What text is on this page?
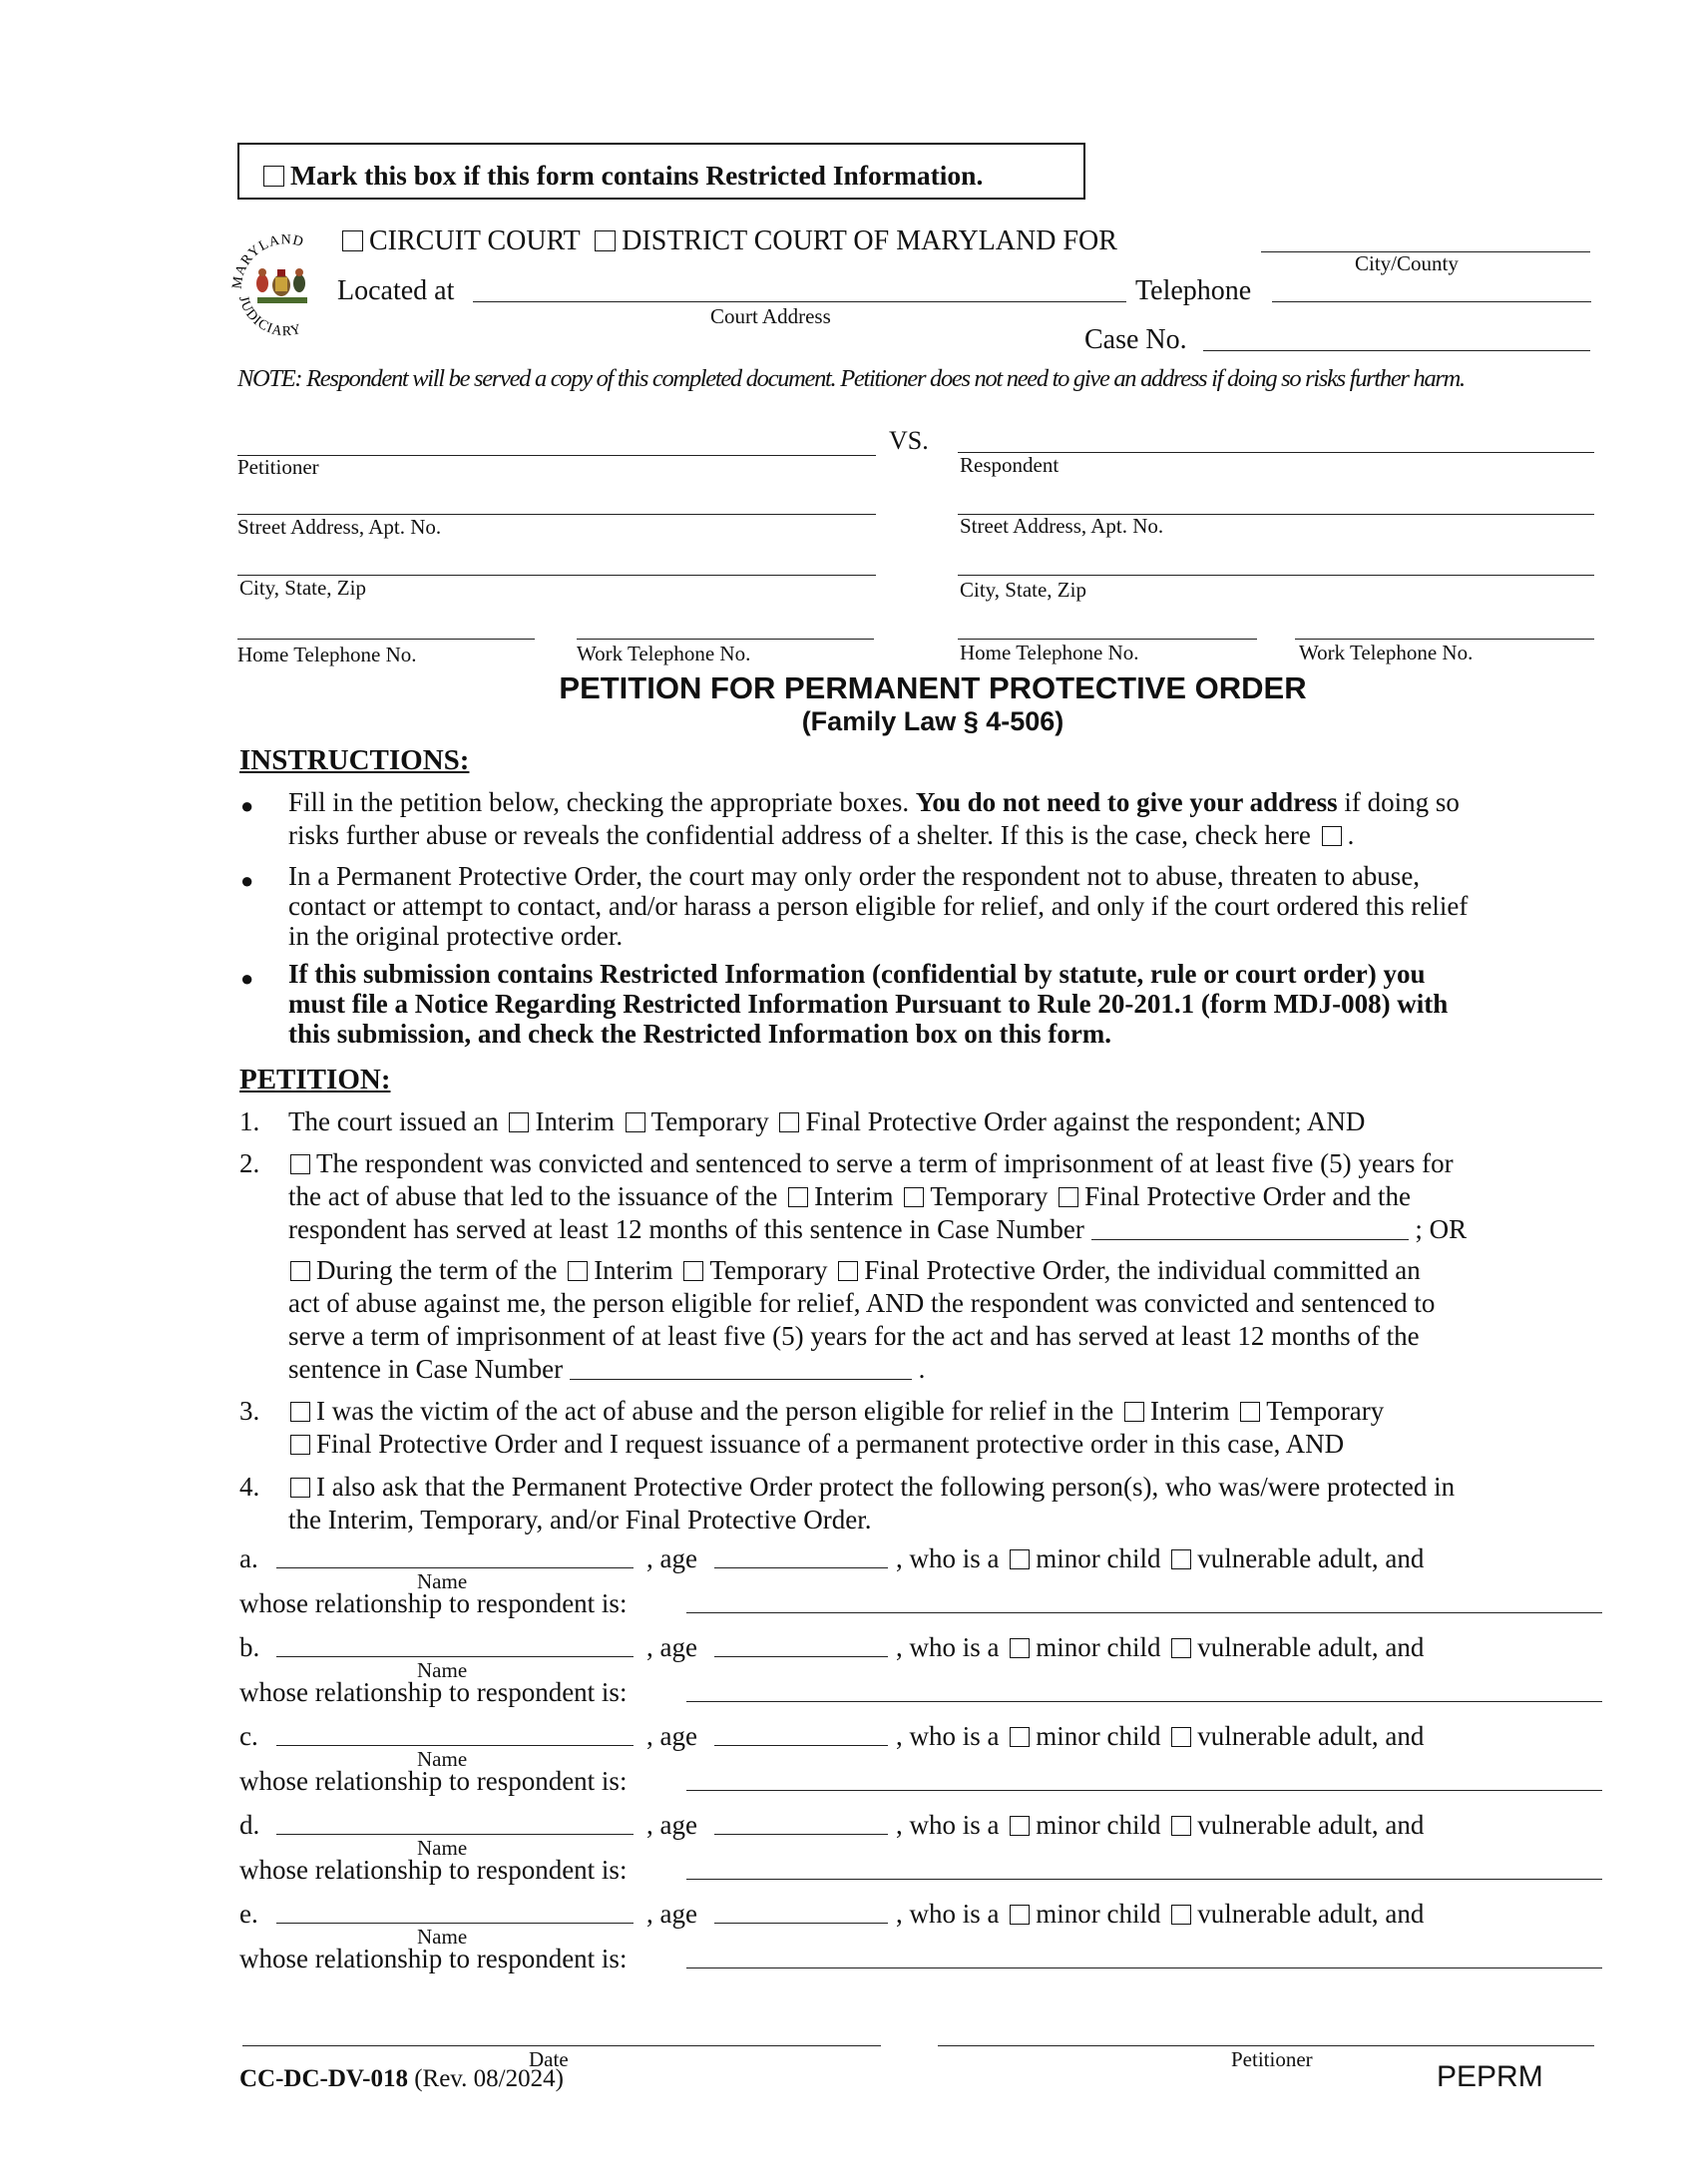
Mark this box if this form contains Restricted Information.
MARYLAND
JUDICIARY
CIRCUIT COURT DISTRICT COURT OF MARYLAND FOR
City/County
Located at
Court Address
Telephone
Case No.
NOTE: Respondent will be served a copy of this completed document. Petitioner does not need to give an address if doing so risks further harm.
VS.
Petitioner	Respondent
Street Address, Apt. No.	Street Address, Apt. No.
City, State, Zip	City, State, Zip
Home Telephone No.	Work Telephone No.	Home Telephone No.	Work Telephone No.
PETITION FOR PERMANENT PROTECTIVE ORDER
(Family Law § 4-506)
INSTRUCTIONS:
● Fill in the petition below, checking the appropriate boxes. You do not need to give your address if doing so
risks further abuse or reveals the confidential address of a shelter. If this is the case, check here .
● In a Permanent Protective Order, the court may only order the respondent not to abuse, threaten to abuse,
contact or attempt to contact, and/or harass a person eligible for relief, and only if the court ordered this relief
in the original protective order.
● If this submission contains Restricted Information (confidential by statute, rule or court order) you
must file a Notice Regarding Restricted Information Pursuant to Rule 20-201.1 (form MDJ-008) with
this submission, and check the Restricted Information box on this form.
PETITION:
1. The court issued an Interim Temporary Final Protective Order against the respondent; AND
2.	The respondent was convicted and sentenced to serve a term of imprisonment of at least five (5) years for
the act of abuse that led to the issuance of the Interim Temporary Final Protective Order and the
respondent has served at least 12 months of this sentence in Case Number	; OR
During the term of the Interim Temporary Final Protective Order, the individual committed an
act of abuse against me, the person eligible for relief, AND the respondent was convicted and sentenced to
serve a term of imprisonment of at least five (5) years for the act and has served at least 12 months of the
sentence in Case Number	.
3.	I was the victim of the act of abuse and the person eligible for relief in the Interim Temporary
Final Protective Order and I request issuance of a permanent protective order in this case, AND
4.	I also ask that the Permanent Protective Order protect the following person(s), who was/were protected in
the Interim, Temporary, and/or Final Protective Order.
a.	, age	, who is a minor child vulnerable adult, and
Name
whose relationship to respondent is:
b.	, age	, who is a minor child vulnerable adult, and
Name
whose relationship to respondent is:
c.	, age	, who is a minor child vulnerable adult, and
Name
whose relationship to respondent is:
d.	, age	, who is a minor child vulnerable adult, and
Name
whose relationship to respondent is:
e.	, age	, who is a minor child vulnerable adult, and
Name
whose relationship to respondent is:
Date	Petitioner
CC-DC-DV-018 (Rev. 08/2024)	PEPRM
